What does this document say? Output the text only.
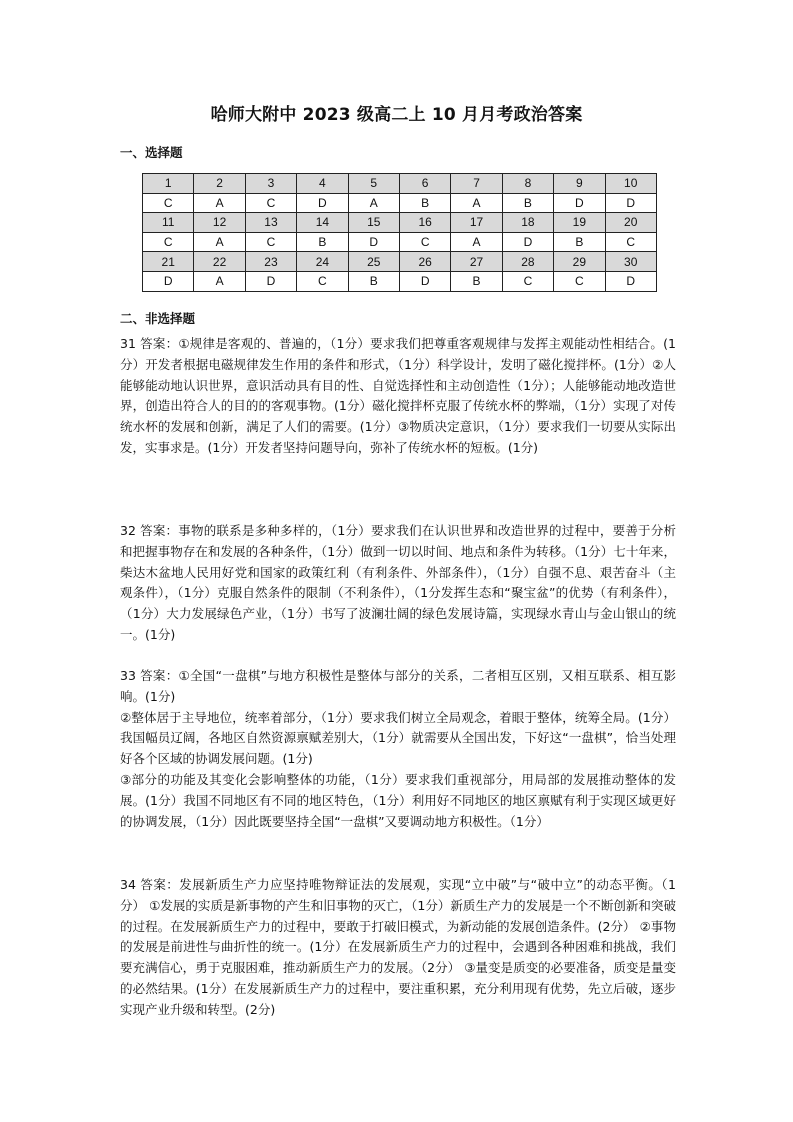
哈师大附中 2023 级高二上 10 月月考政治答案
一、选择题
1	2	3	4	5	6	7	8	9	10
C	A	C	D	A	B	A	B	D	D
11	12	13	14	15	16	17	18	19	20
C	A	C	B	D	C	A	D	B	C
21	22	23	24	25	26	27	28	29	30
D	A	D	C	B	D	B	C	C	D
二、非选择题
31 答案：①规律是客观的、普遍的，（1分）要求我们把尊重客观规律与发挥主观能动性相结合。(1分）开发者根据电磁规律发生作用的条件和形式，（1分）科学设计，发明了磁化搅拌杯。(1分）②人能够能动地认识世界，意识活动具有目的性、自觉选择性和主动创造性（1分）；人能够能动地改造世界，创造出符合人的目的的客观事物。(1分）磁化搅拌杯克服了传统水杯的弊端，（1分）实现了对传统水杯的发展和创新，满足了人们的需要。(1分）③物质决定意识，（1分）要求我们一切要从实际出发，实事求是。(1分）开发者坚持问题导向，弥补了传统水杯的短板。(1分)
32 答案：事物的联系是多种多样的，（1分）要求我们在认识世界和改造世界的过程中，要善于分析和把握事物存在和发展的各种条件，（1分）做到一切以时间、地点和条件为转移。（1分）七十年来，柴达木盆地人民用好党和国家的政策红利（有利条件、外部条件），（1分）自强不息、艰苦奋斗（主观条件），（1分）克服自然条件的限制（不利条件），（1分发挥生态和“聚宝盆”的优势（有利条件），（1分）大力发展绿色产业，（1分）书写了波澜壮阔的绿色发展诗篇，实现绿水青山与金山银山的统一。(1分)

33 答案：①全国“一盘棋”与地方积极性是整体与部分的关系，二者相互区别，又相互联系、相互影响。(1分)

②整体居于主导地位，统率着部分，（1分）要求我们树立全局观念，着眼于整体，统筹全局。(1分）我国幅员辽阔，各地区自然资源禀赋差别大，（1分）就需要从全国出发，下好这“一盘棋”，恰当处理好各个区域的协调发展问题。(1分)

③部分的功能及其变化会影响整体的功能，（1分）要求我们重视部分，用局部的发展推动整体的发展。(1分）我国不同地区有不同的地区特色，（1分）利用好不同地区的地区禀赋有利于实现区域更好的协调发展，（1分）因此既要坚持全国“一盘棋”又要调动地方积极性。（1分）

34 答案：发展新质生产力应坚持唯物辩证法的发展观，实现“立中破”与“破中立”的动态平衡。（1分） ①发展的实质是新事物的产生和旧事物的灭亡，（1分）新质生产力的发展是一个不断创新和突破的过程。在发展新质生产力的过程中，要敢于打破旧模式，为新动能的发展创造条件。(2分） ②事物的发展是前进性与曲折性的统一。(1分）在发展新质生产力的过程中，会遇到各种困难和挑战，我们要充满信心，勇于克服困难，推动新质生产力的发展。（2分） ③量变是质变的必要准备，质变是量变的必然结果。(1分）在发展新质生产力的过程中，要注重积累，充分利用现有优势，先立后破，逐步实现产业升级和转型。(2分)
